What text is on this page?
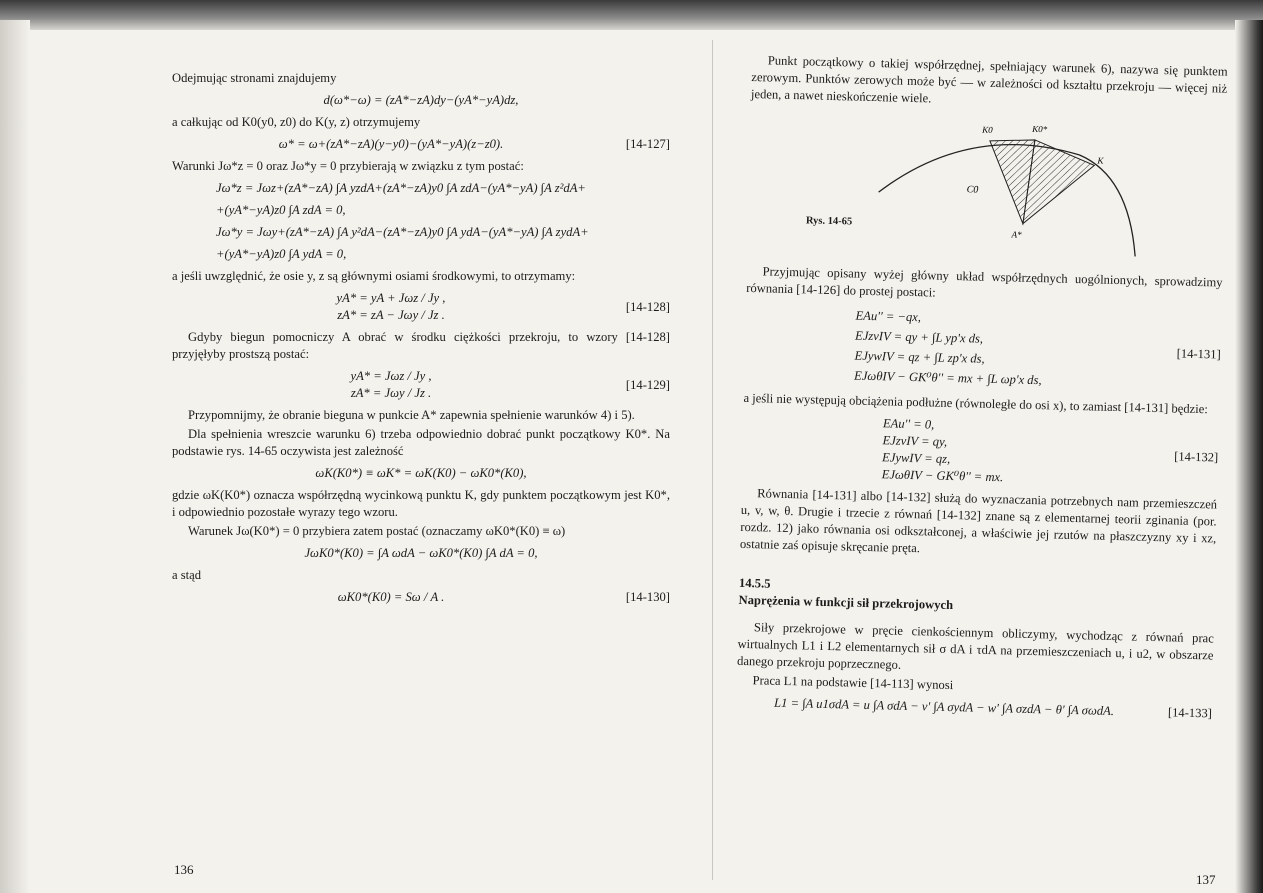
Odejmując stronami znajdujemy

d(ω*−ω) = (zA*−zA)dy−(yA*−yA)dz,

a całkując od K0(y0, z0) do K(y, z) otrzymujemy

ω* = ω+(zA*−zA)(y−y0)−(yA*−yA)(z−z0).	[14-127]

Warunki Jω*z = 0 oraz Jω*y = 0 przybierają w związku z tym postać:

Jω*z = Jωz+(zA*−zA) ∫A yzdA+(zA*−zA)y0 ∫A zdA−(yA*−yA) ∫A z²dA+
+(yA*−yA)z0 ∫A zdA = 0,
Jω*y = Jωy+(zA*−zA) ∫A y²dA−(zA*−zA)y0 ∫A ydA−(yA*−yA) ∫A zydA+
+(yA*−yA)z0 ∫A ydA = 0,

a jeśli uwzględnić, że osie y, z są głównymi osiami środkowymi, to otrzymamy:

yA* = yA + Jωz / Jy ,
zA* = zA − Jωy / Jz .
[14-128]

Gdyby biegun pomocniczy A obrać w środku ciężkości przekroju, to wzory [14-128] przyjęłyby prostszą postać:

yA* = Jωz / Jy ,
zA* = Jωy / Jz .
[14-129]

Przypomnijmy, że obranie bieguna w punkcie A* zapewnia spełnienie warunków 4) i 5).

Dla spełnienia wreszcie warunku 6) trzeba odpowiednio dobrać punkt początkowy K0*. Na podstawie rys. 14-65 oczywista jest zależność

ωK(K0*) ≡ ωK* = ωK(K0) − ωK0*(K0),

gdzie ωK(K0*) oznacza współrzędną wycinkową punktu K, gdy punktem początkowym jest K0*, i odpowiednio pozostałe wyrazy tego wzoru.

Warunek Jω(K0*) = 0 przybiera zatem postać (oznaczamy ωK0*(K0) ≡ ω)

JωK0*(K0) = ∫A ωdA − ωK0*(K0) ∫A dA = 0,

a stąd

ωK0*(K0) = Sω / A .	[14-130]
136

Punkt początkowy o takiej współrzędnej, spełniający warunek 6), nazywa się punktem zerowym. Punktów zerowych może być — w zależności od kształtu przekroju — więcej niż jeden, a nawet nieskończenie wiele.

K0	K0*
K
C0
A*
Rys. 14-65

Przyjmując opisany wyżej główny układ współrzędnych uogólnionych, sprowadzimy równania [14-126] do prostej postaci:

EAu'' = −qx,
EJzvIV = qy + ∫L yp'x ds,
EJywIV = qz + ∫L zp'x ds,
EJωθIV − GK⁰θ'' = mx + ∫L ωp'x ds,
[14-131]

a jeśli nie występują obciążenia podłużne (równoległe do osi x), to zamiast [14-131] będzie:

EAu'' = 0,
EJzvIV = qy,
EJywIV = qz,
EJωθIV − GK⁰θ'' = mx.
[14-132]

Równania [14-131] albo [14-132] służą do wyznaczania potrzebnych nam przemieszczeń u, v, w, θ. Drugie i trzecie z równań [14-132] znane są z elementarnej teorii zginania (por. rozdz. 12) jako równania osi odkształconej, a właściwie jej rzutów na płaszczyzny xy i xz, ostatnie zaś opisuje skręcanie pręta.

14.5.5
Naprężenia w funkcji sił przekrojowych

Siły przekrojowe w pręcie cienkościennym obliczymy, wychodząc z równań prac wirtualnych L1 i L2 elementarnych sił σ dA i τdA na przemieszczeniach u, i u2, w obszarze danego przekroju poprzecznego.

Praca L1 na podstawie [14-113] wynosi

L1 = ∫A u1σdA = u ∫A σdA − v' ∫A σydA − w' ∫A σzdA − θ' ∫A σωdA.	[14-133]
137
